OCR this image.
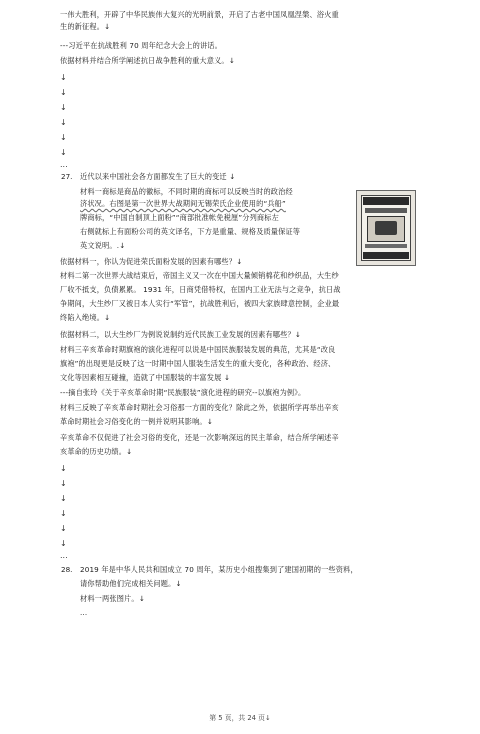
一伟大胜利，开辟了中华民族伟大复兴的光明前景，开启了古老中国凤凰涅槃、浴火重
生的新征程。↓
---习近平在抗战胜利 70 周年纪念大会上的讲话。
依据材料并结合所学阐述抗日战争胜利的重大意义。↓
↓
↓
↓
↓
↓
↓
...
27. 近代以来中国社会各方面都发生了巨大的变迁 ↓
材料一商标是商品的徽标，不同时期的商标可以反映当时的政治经
济状况。右图是第一次世界大战期间无锡荣氏企业使用的“兵船”
牌商标，“中国自制顶上面粉”“商部批准帐免税厘”分列商标左
右侧就标上有面粉公司的英文译名，下方是重量、规格及质量保证等
英文说明。.↓
依据材料一，你认为促进荣氏面粉发展的因素有哪些？↓
材料二第一次世界大战结束后，帝国主义又一次在中国大量倾销棉花和纱织品，大生纱
厂收不抵支，负债累累。 1931 年，日商凭借特权，在国内工业无法与之竞争，抗日战
争期间，大生纱厂又被日本人实行“军管”，抗战胜利后，被四大家族肆意控制，企业最
终陷入绝境。↓
依据材料二，以大生纱厂为例说说制约近代民族工业发展的因素有哪些？↓
材料三辛亥革命时期旗袍的演化进程可以说是中国民族服装发展的典范，尤其是“改良
旗袍”的出现更是反映了这一时期中国人服装生活发生的重大变化，各种政治、经济、
文化等因素相互碰撞，造就了中国服装的丰富发展 ↓
---摘自张玲《关于辛亥革命时期“民族服装”演化进程的研究--以旗袍为例》。
材料三反映了辛亥革命时期社会习俗那一方面的变化？除此之外，依据所学再举出辛亥
革命时期社会习俗变化的一例并说明其影响。↓
辛亥革命不仅促进了社会习俗的变化，还是一次影响深远的民主革命，结合所学阐述辛
亥革命的历史功绩。↓
↓
↓
↓
↓
↓
↓
...
28. 2019 年是中华人民共和国成立 70 周年，某历史小组搜集到了建国初期的一些资料，
请你帮助他们完成相关问题。↓
材料一两张图片。↓
...
第 5 页，共 24 页↓
